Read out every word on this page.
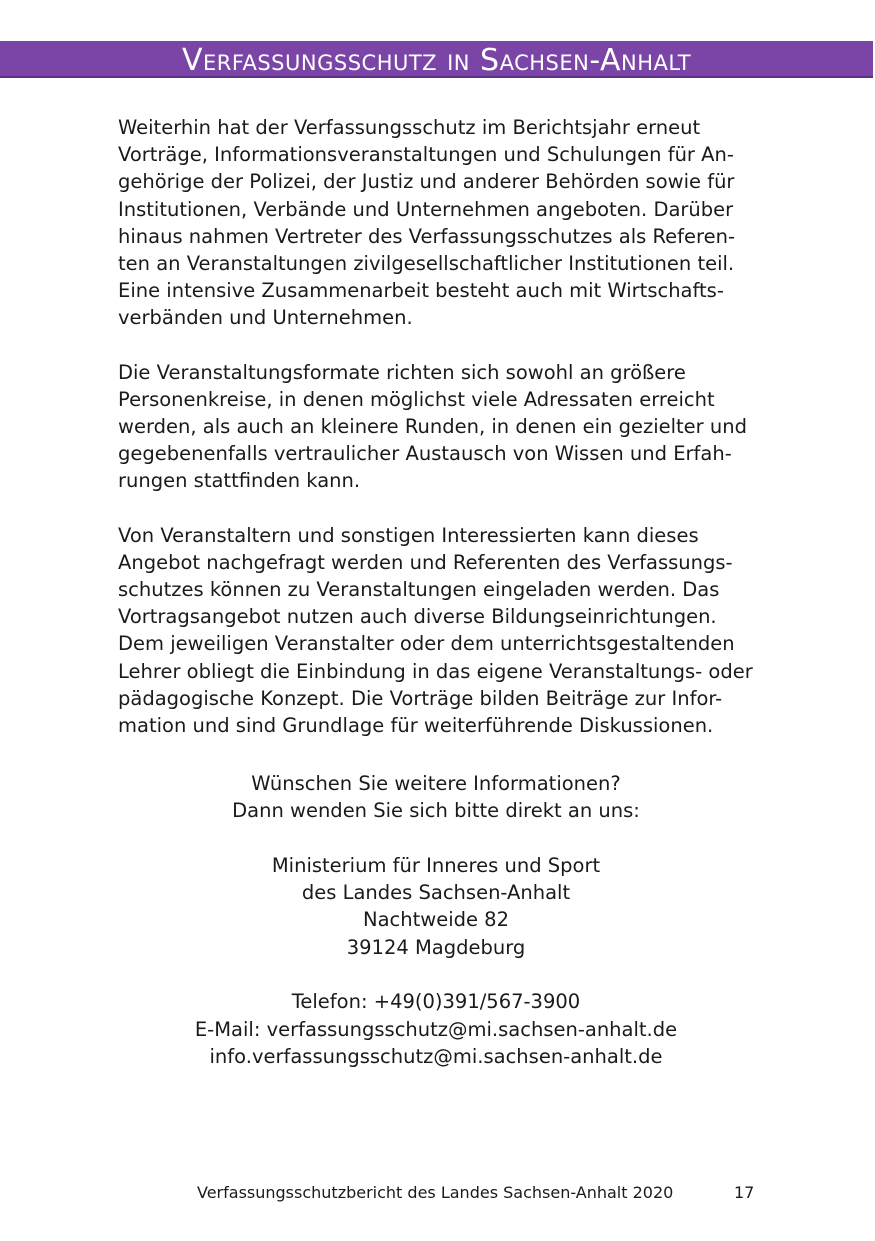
Verfassungsschutz in Sachsen-Anhalt

Weiterhin hat der Verfassungsschutz im Berichtsjahr erneut
Vorträge, Informationsveranstaltungen und Schulungen für An-
gehörige der Polizei, der Justiz und anderer Behörden sowie für
Institutionen, Verbände und Unternehmen angeboten. Darüber
hinaus nahmen Vertreter des Verfassungsschutzes als Referen-
ten an Veranstaltungen zivilgesellschaftlicher Institutionen teil.
Eine intensive Zusammenarbeit besteht auch mit Wirtschafts-
verbänden und Unternehmen.

Die Veranstaltungsformate richten sich sowohl an größere
Personenkreise, in denen möglichst viele Adressaten erreicht
werden, als auch an kleinere Runden, in denen ein gezielter und
gegebenenfalls vertraulicher Austausch von Wissen und Erfah-
rungen stattfinden kann.

Von Veranstaltern und sonstigen Interessierten kann dieses
Angebot nachgefragt werden und Referenten des Verfassungs-
schutzes können zu Veranstaltungen eingeladen werden. Das
Vortragsangebot nutzen auch diverse Bildungseinrichtungen.
Dem jeweiligen Veranstalter oder dem unterrichtsgestaltenden
Lehrer obliegt die Einbindung in das eigene Veranstaltungs- oder
pädagogische Konzept. Die Vorträge bilden Beiträge zur Infor-
mation und sind Grundlage für weiterführende Diskussionen.

Wünschen Sie weitere Informationen?
Dann wenden Sie sich bitte direkt an uns:
Ministerium für Inneres und Sport
des Landes Sachsen-Anhalt
Nachtweide 82
39124 Magdeburg
Telefon: +49(0)391/567-3900
E-Mail: verfassungsschutz@mi.sachsen-anhalt.de
info.verfassungsschutz@mi.sachsen-anhalt.de
Verfassungsschutzbericht des Landes Sachsen-Anhalt 2020	17
